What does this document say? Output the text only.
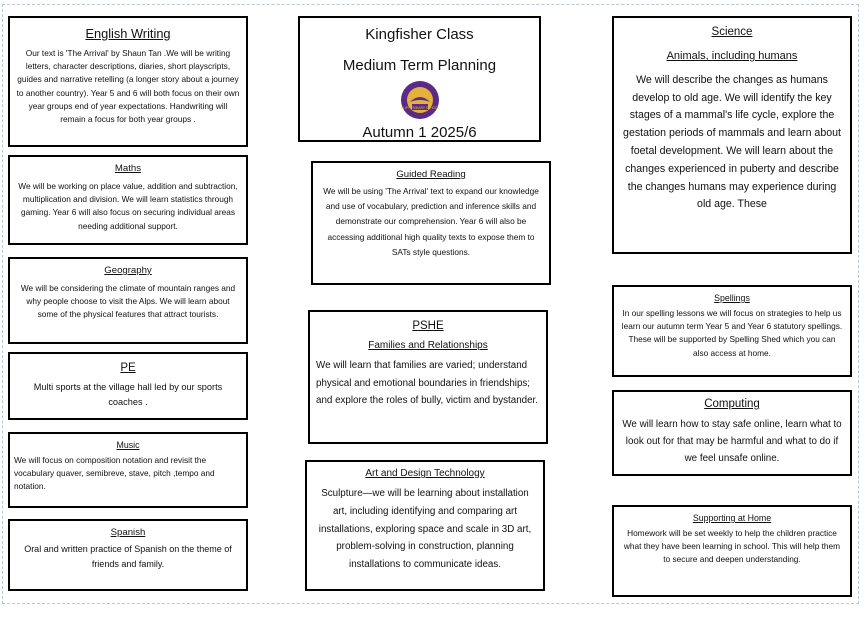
English Writing
Our text is 'The Arrival' by Shaun Tan .We will be writing letters, character descriptions, diaries, short playscripts, guides and narrative retelling (a longer story about a journey to another country). Year 5 and 6 will both focus on their own year groups end of year expectations. Handwriting will remain a focus for both year groups .
Maths
We will be working on place value, addition and subtraction, multiplication and division. We will learn statistics through gaming. Year 6 will also focus on securing individual areas needing additional support.
Geography
We will be considering the climate of mountain ranges and why people choose to visit the Alps. We will learn about some of the physical features that attract tourists.
PE
Multi sports at the village hall led by our sports coaches .
Music
We will focus on composition notation and revisit the vocabulary quaver, semibreve, stave, pitch ,tempo and notation.
Spanish
Oral and written practice of Spanish on the theme of friends and family.
Kingfisher Class
Medium Term Planning
CLIFF PRIMARY SCHOOL
Autumn 1 2025/6
Guided Reading
We will be using 'The Arrival' text to expand our knowledge and use of vocabulary, prediction and inference skills and demonstrate our comprehension. Year 6 will also be accessing additional high quality texts to expose them to SATs style questions.
PSHE
Families and Relationships
We will learn that families are varied; understand physical and emotional boundaries in friendships; and explore the roles of bully, victim and bystander.
Art and Design Technology
Sculpture—we will be learning about installation art, including identifying and comparing art installations, exploring space and scale in 3D art, problem-solving in construction, planning installations to communicate ideas.
Science
Animals, including humans
We will describe the changes as humans develop to old age. We will identify the key stages of a mammal's life cycle, explore the gestation periods of mammals and learn about foetal development. We will learn about the changes experienced in puberty and describe the changes humans may experience during old age. These
Spellings
In our spelling lessons we will focus on strategies to help us learn our autumn term Year 5 and Year 6 statutory spellings. These will be supported by Spelling Shed which you can also access at home.
Computing
We will learn how to stay safe online, learn what to look out for that may be harmful and what to do if we feel unsafe online.
Supporting at Home
Homework will be set weekly to help the children practice what they have been learning in school. This will help them to secure and deepen understanding.
